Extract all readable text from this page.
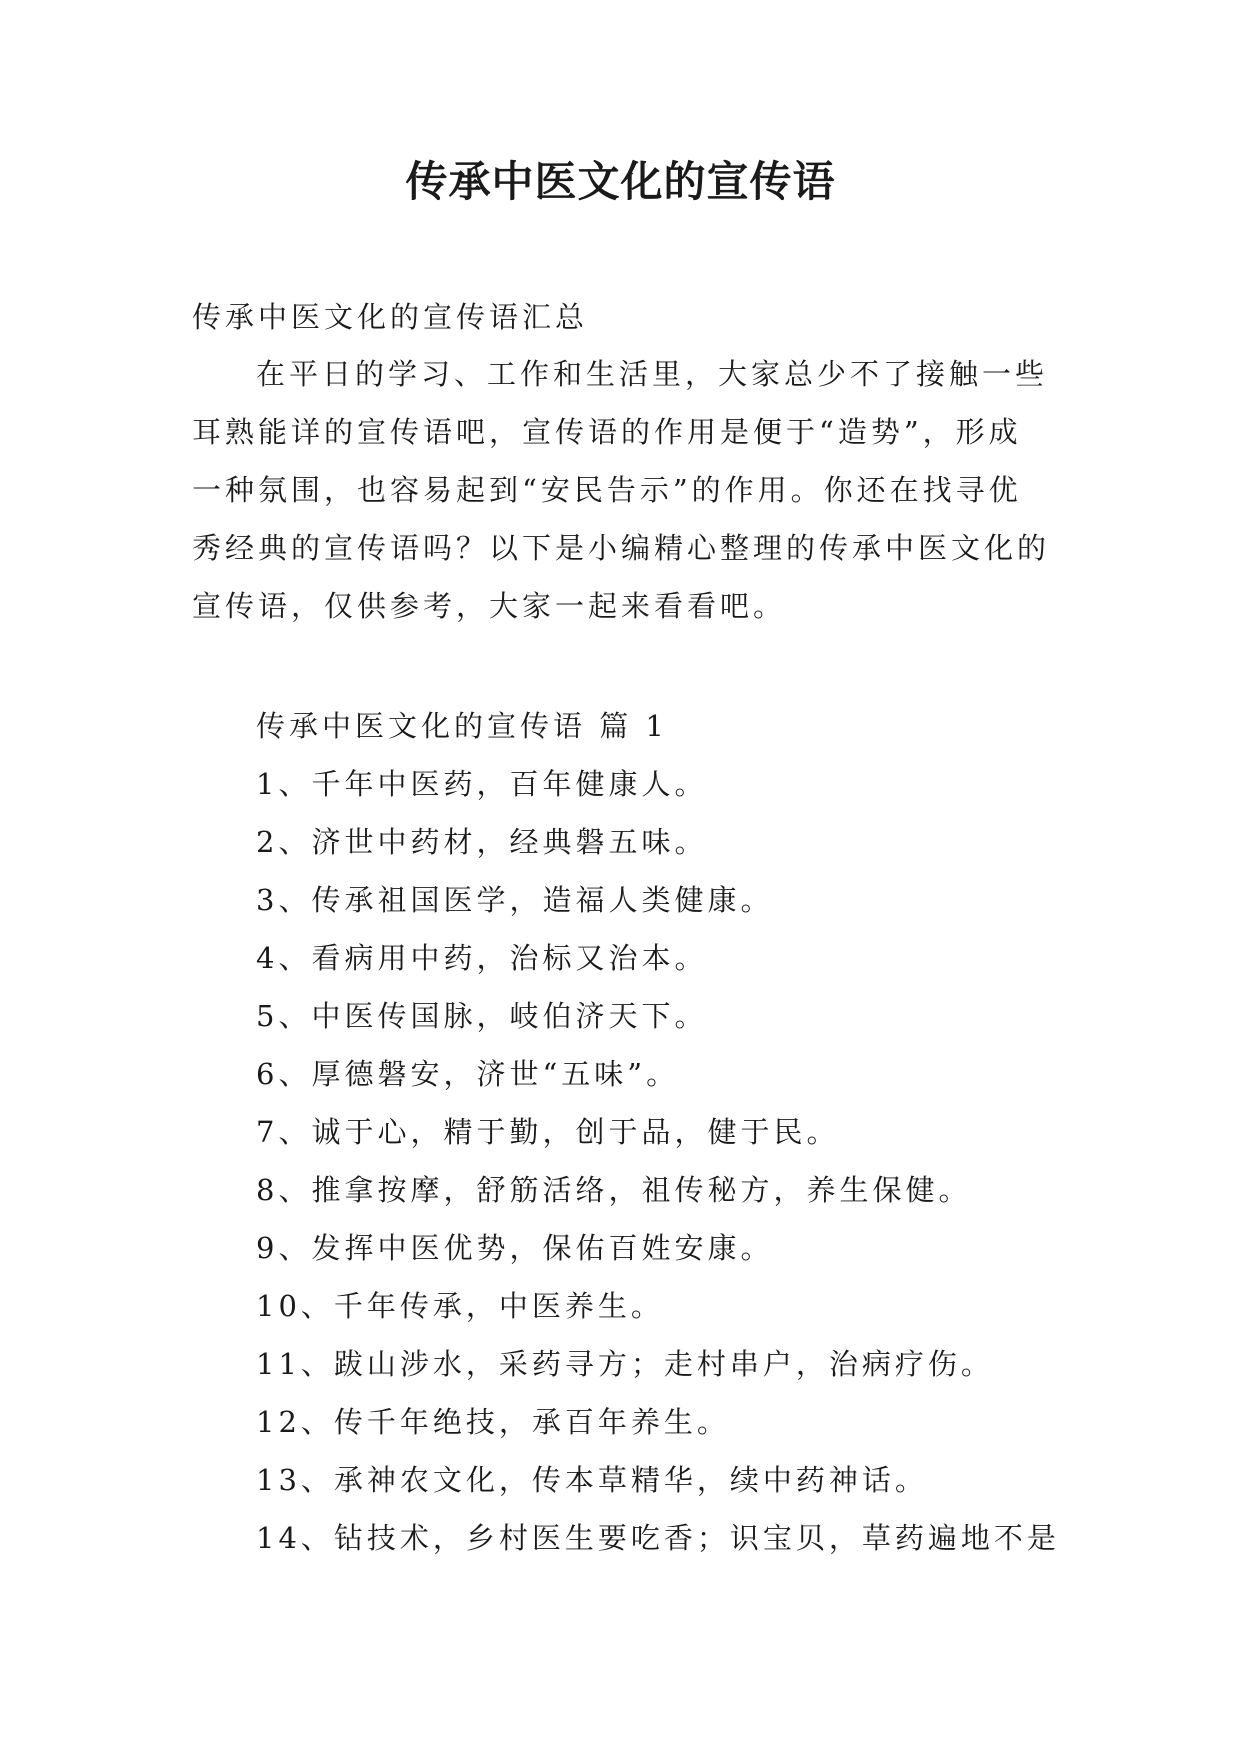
传承中医文化的宣传语

传承中医文化的宣传语汇总

在平日的学习、工作和生活里，大家总少不了接触一些耳熟能详的宣传语吧，宣传语的作用是便于“造势”，形成一种氛围，也容易起到“安民告示”的作用。你还在找寻优秀经典的宣传语吗？以下是小编精心整理的传承中医文化的宣传语，仅供参考，大家一起来看看吧。

传承中医文化的宣传语 篇 1

1、千年中医药，百年健康人。
2、济世中药材，经典磐五味。
3、传承祖国医学，造福人类健康。
4、看病用中药，治标又治本。
5、中医传国脉，岐伯济天下。
6、厚德磐安，济世“五味”。
7、诚于心，精于勤，创于品，健于民。
8、推拿按摩，舒筋活络，祖传秘方，养生保健。
9、发挥中医优势，保佑百姓安康。
10、千年传承，中医养生。
11、跋山涉水，采药寻方；走村串户，治病疗伤。
12、传千年绝技，承百年养生。
13、承神农文化，传本草精华，续中药神话。
14、钻技术，乡村医生要吃香；识宝贝，草药遍地不是
